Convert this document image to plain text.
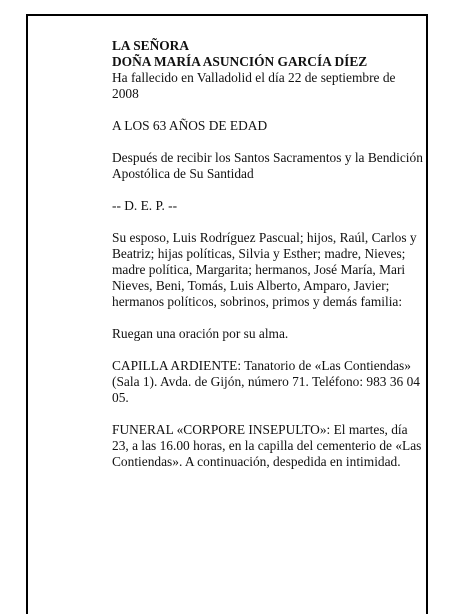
LA SEÑORA
DOÑA MARÍA ASUNCIÓN GARCÍA DÍEZ

Ha fallecido en Valladolid el día 22 de septiembre de 2008

A LOS 63 AÑOS DE EDAD

Después de recibir los Santos Sacramentos y la Bendición Apostólica de Su Santidad

-- D. E. P. --

Su esposo, Luis Rodríguez Pascual; hijos, Raúl, Carlos y Beatriz; hijas políticas, Silvia y Esther; madre, Nieves; madre política, Margarita; hermanos, José María, Mari Nieves, Beni, Tomás, Luis Alberto, Amparo, Javier; hermanos políticos, sobrinos, primos y demás familia:

Ruegan una oración por su alma.

CAPILLA ARDIENTE: Tanatorio de «Las Contiendas» (Sala 1). Avda. de Gijón, número 71. Teléfono: 983 36 04 05.

FUNERAL «CORPORE INSEPULTO»: El martes, día 23, a las 16.00 horas, en la capilla del cementerio de «Las Contiendas». A continuación, despedida en intimidad.
